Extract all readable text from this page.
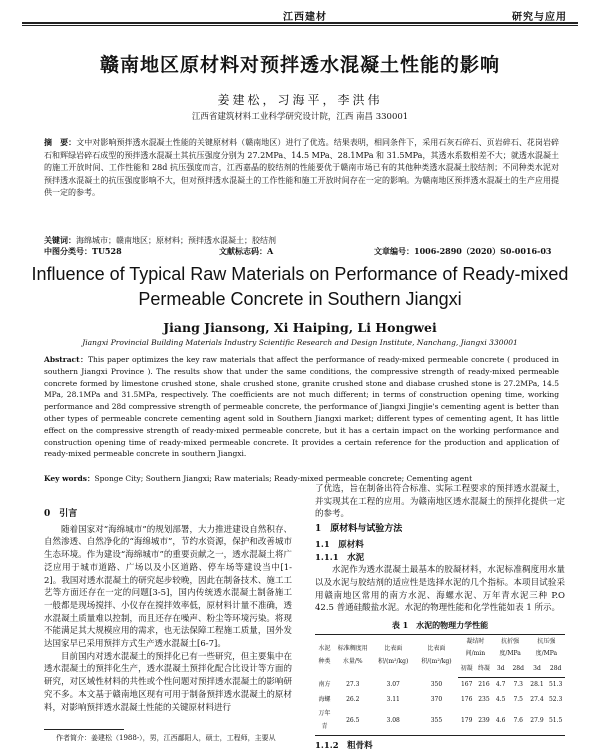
江西建材	研究与应用
赣南地区原材料对预拌透水混凝土性能的影响
姜建松，习海平，李洪伟
江西省建筑材料工业科学研究设计院，江西 南昌 330001
摘　要：文中对影响预拌透水混凝土性能的关键原材料（赣南地区）进行了优选。结果表明，相同条件下，采用石灰石碎石、页岩碎石、花岗岩碎石和辉绿岩碎石成型的预拌透水混凝土其抗压强度分别为 27.2MPa、14.5 MPa、28.1MPa 和 31.5MPa，其透水系数相差不大；就透水混凝土的施工开放时间、工作性能和 28d 抗压强度而言，江西嘉晶的胶结剂的性能要优于赣南市场已有的其他种类透水混凝土胶结剂；不同种类水泥对预拌透水混凝土的抗压强度影响不大，但对预拌透水混凝土的工作性能和施工开放时间存在一定的影响。为赣南地区预拌透水混凝土的生产应用提供一定的参考。
关键词：海绵城市；赣南地区；原材料；预拌透水混凝土；胶结剂
中图分类号：TU528	文献标志码：A	文章编号：1006-2890（2020）S0-0016-03
Influence of Typical Raw Materials on Performance of Ready-mixed
Permeable Concrete in Southern Jiangxi
Jiang Jiansong, Xi Haiping, Li Hongwei
Jiangxi Provincial Building Materials Industry Scientific Research and Design Institute, Nanchang, Jiangxi 330001
Abstract：This paper optimizes the key raw materials that affect the performance of ready-mixed permeable concrete ( produced in southern Jiangxi Province ). The results show that under the same conditions, the compressive strength of ready-mixed permeable concrete formed by limestone crushed stone, shale crushed stone, granite crushed stone and diabase crushed stone is 27.2MPa, 14.5 MPa, 28.1MPa and 31.5MPa, respectively. The coefficients are not much different; in terms of construction opening time, working performance and 28d compressive strength of permeable concrete, the performance of Jiangxi Jingjie's cementing agent is better than other types of permeable concrete cementing agent sold in Southern Jiangxi market; different types of cementing agent, It has little effect on the compressive strength of ready-mixed permeable concrete, but it has a certain impact on the working performance and construction opening time of ready-mixed permeable concrete. It provides a certain reference for the production and application of ready-mixed permeable concrete in southern Jiangxi.
Key words：Sponge City; Southern Jiangxi; Raw materials; Ready-mixed permeable concrete; Cementing agent
0　引言

随着国家对“海绵城市”的规划部署，大力推进建设自然积存、自然渗透、自然净化的“海绵城市”，节约水资源，保护和改善城市生态环境。作为建设“海绵城市”的重要贡献之一，透水混凝土将广泛应用于城市道路、广场以及小区道路、停车场等建设当中[1-2]。我国对透水混凝土的研究起步较晚，因此在制备技术、施工工艺等方面还存在一定的问题[3-5]，国内传统透水混凝土制备施工一般都是现场搅拌、小仪存在搅拌效率低，原材料计量不准确，透水混凝土质量难以控制，而且还存在噪声、粉尘等环境污染。将现不能满足其大规模应用的需求，也无法保障工程施工质量，国外发达国家早已采用预拌方式生产透水混凝土[6-7]。

目前国内对透水混凝土的预拌化已有一些研究，但主要集中在透水混凝土的预拌化生产，透水混凝土预拌化配合比设计等方面的研究，对区域性材料的共性或个性问题对预拌透水混凝土的影响研究不多。本文基于赣南地区现有可用于制备预拌透水混凝土的原材料，对影响预拌透水混凝土性能的关键原材料进行

了优选，旨在制备出符合标准、实际工程要求的预拌透水混凝土，并实现其在工程的应用。为赣南地区透水混凝土的预拌化提供一定的参考。

1　原材料与试验方法
1.1　原材料
1.1.1　水泥

水泥作为透水混凝土最基本的胶凝材料，水泥标准稠度用水量以及水泥与胶结剂的适应性是选择水泥的几个指标。本项目试验采用赣南地区常用的南方水泥、海螺水泥、万年青水泥三种 P.O 42.5 普通硅酸盐水泥。水泥的物理性能和化学性能如表 1 所示。

表 1　水泥的物理力学性能
水泥种类	标准稠度用水量/%	比表面积/(m²/kg)	比表面积/(m²/kg)	凝结时间/min		抗折强度/MPa		抗压强度/MPa	
				初凝	终凝	3d	28d	3d	28d
南方	27.3	3.07	350	167	216	4.7	7.3	28.1	51.3
海螺	26.2	3.11	370	176	235	4.5	7.5	27.4	52.3
万年青	26.5	3.08	355	179	239	4.6	7.6	27.9	51.5
1.1.2　粗骨料
作者简介：姜建松（1988-），男，江西鄱阳人，硕士，工程师，主要从
